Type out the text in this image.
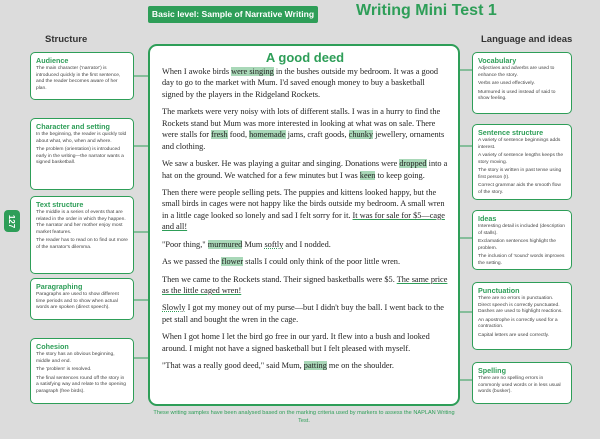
Basic level: Sample of Narrative Writing	Writing Mini Test 1
Structure	Language and ideas
127
Audience

The main character ('narrator') is introduced quickly in the first sentence, and the reader becomes aware of her plan.

Character and setting

In the beginning, the reader is quickly told about what, who, when and where.

The problem (orientation) is introduced early in the writing—the narrator wants a signed basketball.

Text structure

The middle is a series of events that are related in the order in which they happen. The narrator and her mother enjoy most market features.

The reader has to read on to find out more of the narrator's dilemma.

Paragraphing

Paragraphs are used to show different time periods and to show when actual words are spoken (direct speech).

Cohesion

The story has an obvious beginning, middle and end.

The 'problem' is resolved.

The final sentences round off the story in a satisfying way and relate to the opening paragraph (free birds).

Vocabulary

Adjectives and adverbs are used to enhance the story.

Verbs are used effectively.

Murmured is used instead of said to show feeling.

Sentence structure

A variety of sentence beginnings adds interest.

A variety of sentence lengths keeps the story moving.

The story is written in past tense using first person (I).

Correct grammar aids the smooth flow of the story.

Ideas

Interesting detail is included (description of stalls).

Exclamation sentences highlight the problem.

The inclusion of 'sound' words improves the setting.

Punctuation

There are no errors in punctuation. Direct speech is correctly punctuated. Dashes are used to highlight reactions.

An apostrophe is correctly used for a contraction.

Capital letters are used correctly.

Spelling

There are no spelling errors in commonly used words or in less usual words (busker).

A good deed

When I awoke birds were singing in the bushes outside my bedroom. It was a good day to go to the market with Mum. I'd saved enough money to buy a basketball signed by the players in the Ridgeland Rockets.

The markets were very noisy with lots of different stalls. I was in a hurry to find the Rockets stand but Mum was more interested in looking at what was on sale. There were stalls for fresh food, homemade jams, craft goods, chunky jewellery, ornaments and clothing.

We saw a busker. He was playing a guitar and singing. Donations were dropped into a hat on the ground. We watched for a few minutes but I was keen to keep going.

Then there were people selling pets. The puppies and kittens looked happy, but the small birds in cages were not happy like the birds outside my bedroom. A small wren in a little cage looked so lonely and sad I felt sorry for it. It was for sale for $5—cage and all!

"Poor thing," murmured Mum softly and I nodded.

As we passed the flower stalls I could only think of the poor little wren.

Then we came to the Rockets stand. Their signed basketballs were $5. The same price as the little caged wren!

Slowly I got my money out of my purse—but I didn't buy the ball. I went back to the pet stall and bought the wren in the cage.

When I got home I let the bird go free in our yard. It flew into a bush and looked around. I might not have a signed basketball but I felt pleased with myself.

"That was a really good deed," said Mum, patting me on the shoulder.

These writing samples have been analysed based on the marking criteria used by markers to assess the NAPLAN Writing Test.
